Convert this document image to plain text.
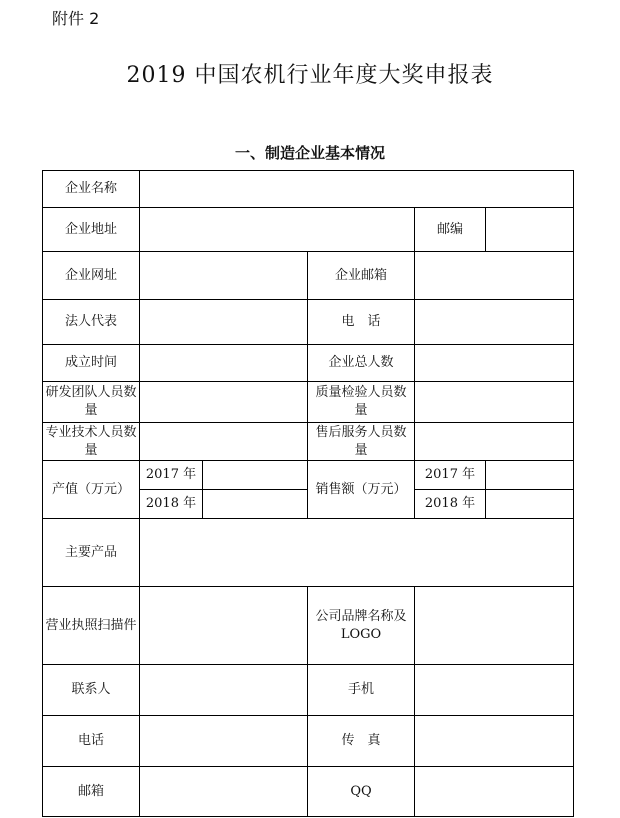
附件 2
2019 中国农机行业年度大奖申报表
一、制造企业基本情况
企业名称					
企业地址				邮编	
企业网址			企业邮箱		
法人代表			电　话		
成立时间			企业总人数		
研发团队人员数量			质量检验人员数量		
专业技术人员数量			售后服务人员数量		
产值（万元）	2017 年		销售额（万元）	2017 年	
	2018 年			2018 年	
主要产品					
营业执照扫描件			公司品牌名称及 LOGO		
联系人			手机		
电话			传　真		
邮箱			QQ		
